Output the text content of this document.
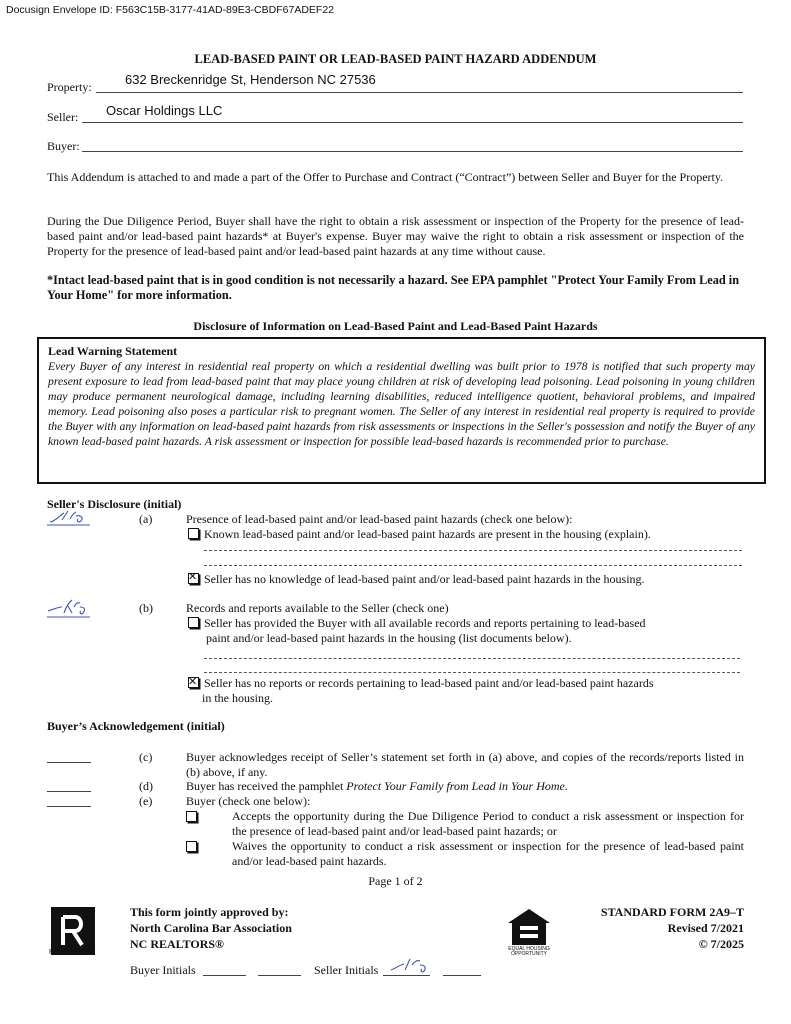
Docusign Envelope ID: F563C15B-3177-41AD-89E3-CBDF67ADEF22
LEAD-BASED PAINT OR LEAD-BASED PAINT HAZARD ADDENDUM
Property:	632 Breckenridge St, Henderson NC 27536
Seller: Oscar Holdings LLC
Buyer:
This Addendum is attached to and made a part of the Offer to Purchase and Contract (“Contract”) between Seller and Buyer for the Property.
During the Due Diligence Period, Buyer shall have the right to obtain a risk assessment or inspection of the Property for the presence of lead-based paint and/or lead-based paint hazards* at Buyer's expense. Buyer may waive the right to obtain a risk assessment or inspection of the Property for the presence of lead-based paint and/or lead-based paint hazards at any time without cause.
*Intact lead-based paint that is in good condition is not necessarily a hazard. See EPA pamphlet "Protect Your Family From Lead in Your Home" for more information.
Disclosure of Information on Lead-Based Paint and Lead-Based Paint Hazards
Lead Warning Statement
Every Buyer of any interest in residential real property on which a residential dwelling was built prior to 1978 is notified that such property may present exposure to lead from lead-based paint that may place young children at risk of developing lead poisoning. Lead poisoning in young children may produce permanent neurological damage, including learning disabilities, reduced intelligence quotient, behavioral problems, and impaired memory. Lead poisoning also poses a particular risk to pregnant women. The Seller of any interest in residential real property is required to provide the Buyer with any information on lead-based paint hazards from risk assessments or inspections in the Seller's possession and notify the Buyer of any known lead-based paint hazards. A risk assessment or inspection for possible lead-based hazards is recommended prior to purchase.
Seller's Disclosure (initial)
(a)	Presence of lead-based paint and/or lead-based paint hazards (check one below):
Known lead-based paint and/or lead-based paint hazards are present in the housing (explain).
✕Seller has no knowledge of lead-based paint and/or lead-based paint hazards in the housing.
(b)	Records and reports available to the Seller (check one)
Seller has provided the Buyer with all available records and reports pertaining to lead-based
paint and/or lead-based paint hazards in the housing (list documents below).
✕Seller has no reports or records pertaining to lead-based paint and/or lead-based paint hazards
in the housing.
Buyer’s Acknowledgement (initial)
(c)	Buyer acknowledges receipt of Seller’s statement set forth in (a) above, and copies of the records/reports listed in (b) above, if any.
(d)	Buyer has received the pamphlet Protect Your Family from Lead in Your Home.
(e)	Buyer (check one below):
Accepts the opportunity during the Due Diligence Period to conduct a risk assessment or inspection for the presence of lead-based paint and/or lead-based paint hazards; or
Waives the opportunity to conduct a risk assessment or inspection for the presence of lead-based paint and/or lead-based paint hazards.
Page 1 of 2
REALTOR®
This form jointly approved by:
North Carolina Bar Association
NC REALTORS®	EQUAL HOUSING OPPORTUNITY
STANDARD FORM 2A9–T
Revised 7/2021
© 7/2025
Buyer Initials	Seller Initials
